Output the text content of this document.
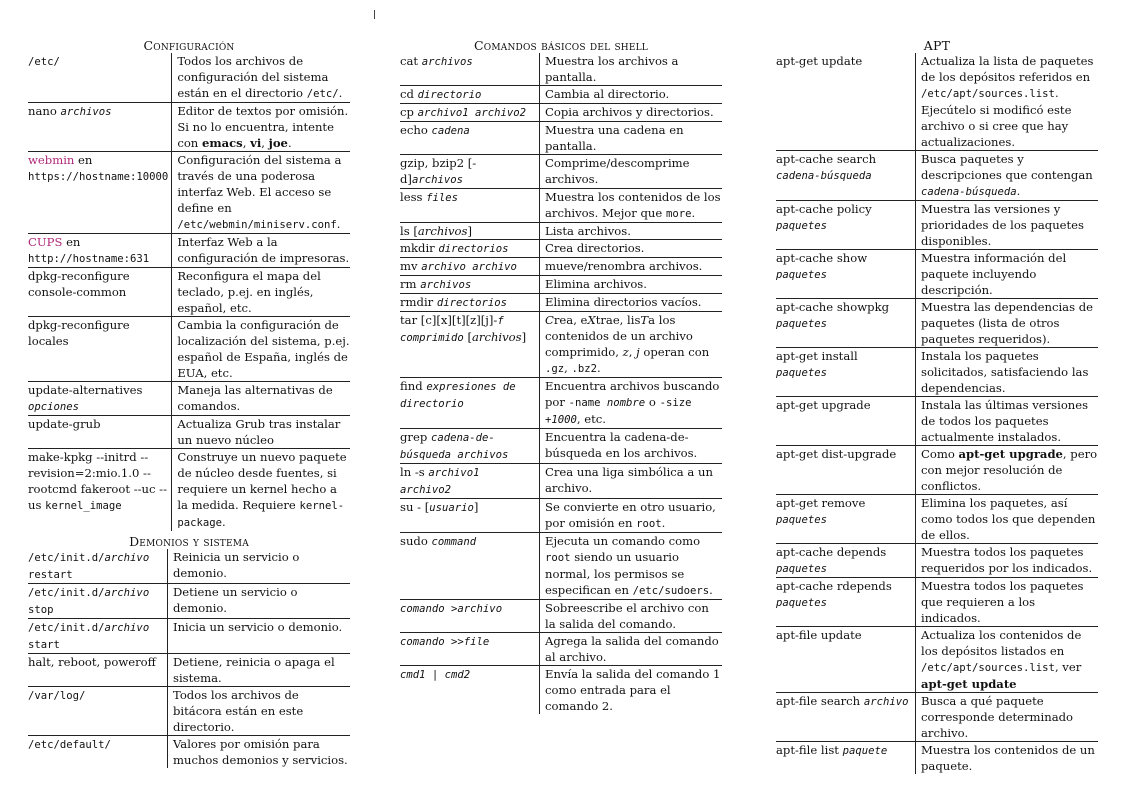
Configuración
/etc/	Todos los archivos de configuración del sistema están en el directorio /etc/.
nano archivos	Editor de textos por omisión. Si no lo encuentra, intente con emacs, vi, joe.
webmin en https://hostname:10000	Configuración del sistema a través de una poderosa interfaz Web. El acceso se define en /etc/webmin/miniserv.conf.
CUPS en http://hostname:631	Interfaz Web a la configuración de impresoras.
dpkg-reconfigure console-common	Reconfigura el mapa del teclado, p.ej. en inglés, español, etc.
dpkg-reconfigure locales	Cambia la configuración de localización del sistema, p.ej. español de España, inglés de EUA, etc.
update-alternatives opciones	Maneja las alternativas de comandos.
update-grub	Actualiza Grub tras instalar un nuevo núcleo
make-kpkg --initrd --revision=2:mio.1.0 --rootcmd fakeroot --uc --us kernel_image	Construye un nuevo paquete de núcleo desde fuentes, si requiere un kernel hecho a la medida. Requiere kernel-package.
Demonios y sistema
/etc/init.d/archivo restart	Reinicia un servicio o demonio.
/etc/init.d/archivo stop	Detiene un servicio o demonio.
/etc/init.d/archivo start	Inicia un servicio o demonio.
halt, reboot, poweroff	Detiene, reinicia o apaga el sistema.
/var/log/	Todos los archivos de bitácora están en este directorio.
/etc/default/	Valores por omisión para muchos demonios y servicios.
Comandos básicos del shell
cat archivos	Muestra los archivos a pantalla.
cd directorio	Cambia al directorio.
cp archivo1 archivo2	Copia archivos y directorios.
echo cadena	Muestra una cadena en pantalla.
gzip, bzip2 [-d]archivos	Comprime/descomprime archivos.
less files	Muestra los contenidos de los archivos. Mejor que more.
ls [archivos]	Lista archivos.
mkdir directorios	Crea directorios.
mv archivo archivo	mueve/renombra archivos.
rm archivos	Elimina archivos.
rmdir directorios	Elimina directorios vacíos.
tar [c][x][t][z][j]-f comprimido [archivos]	Crea, eXtrae, lisTa los contenidos de un archivo comprimido, z, j operan con .gz, .bz2.
find expresiones de directorio	Encuentra archivos buscando por -name nombre o -size +1000, etc.
grep cadena-de-búsqueda archivos	Encuentra la cadena-de-búsqueda en los archivos.
ln -s archivo1 archivo2	Crea una liga simbólica a un archivo.
su - [usuario]	Se convierte en otro usuario, por omisión en root.
sudo command	Ejecuta un comando como root siendo un usuario normal, los permisos se especifican en /etc/sudoers.
comando >archivo	Sobreescribe el archivo con la salida del comando.
comando >>file	Agrega la salida del comando al archivo.
cmd1 | cmd2	Envía la salida del comando 1 como entrada para el comando 2.
APT
apt-get update	Actualiza la lista de paquetes de los depósitos referidos en /etc/apt/sources.list. Ejecútelo si modificó este archivo o si cree que hay actualizaciones.
apt-cache search cadena-búsqueda	Busca paquetes y descripciones que contengan cadena-búsqueda.
apt-cache policy paquetes	Muestra las versiones y prioridades de los paquetes disponibles.
apt-cache show paquetes	Muestra información del paquete incluyendo descripción.
apt-cache showpkg paquetes	Muestra las dependencias de paquetes (lista de otros paquetes requeridos).
apt-get install paquetes	Instala los paquetes solicitados, satisfaciendo las dependencias.
apt-get upgrade	Instala las últimas versiones de todos los paquetes actualmente instalados.
apt-get dist-upgrade	Como apt-get upgrade, pero con mejor resolución de conflictos.
apt-get remove paquetes	Elimina los paquetes, así como todos los que dependen de ellos.
apt-cache depends paquetes	Muestra todos los paquetes requeridos por los indicados.
apt-cache rdepends paquetes	Muestra todos los paquetes que requieren a los indicados.
apt-file update	Actualiza los contenidos de los depósitos listados en /etc/apt/sources.list, ver apt-get update
apt-file search archivo	Busca a qué paquete corresponde determinado archivo.
apt-file list paquete	Muestra los contenidos de un paquete.
